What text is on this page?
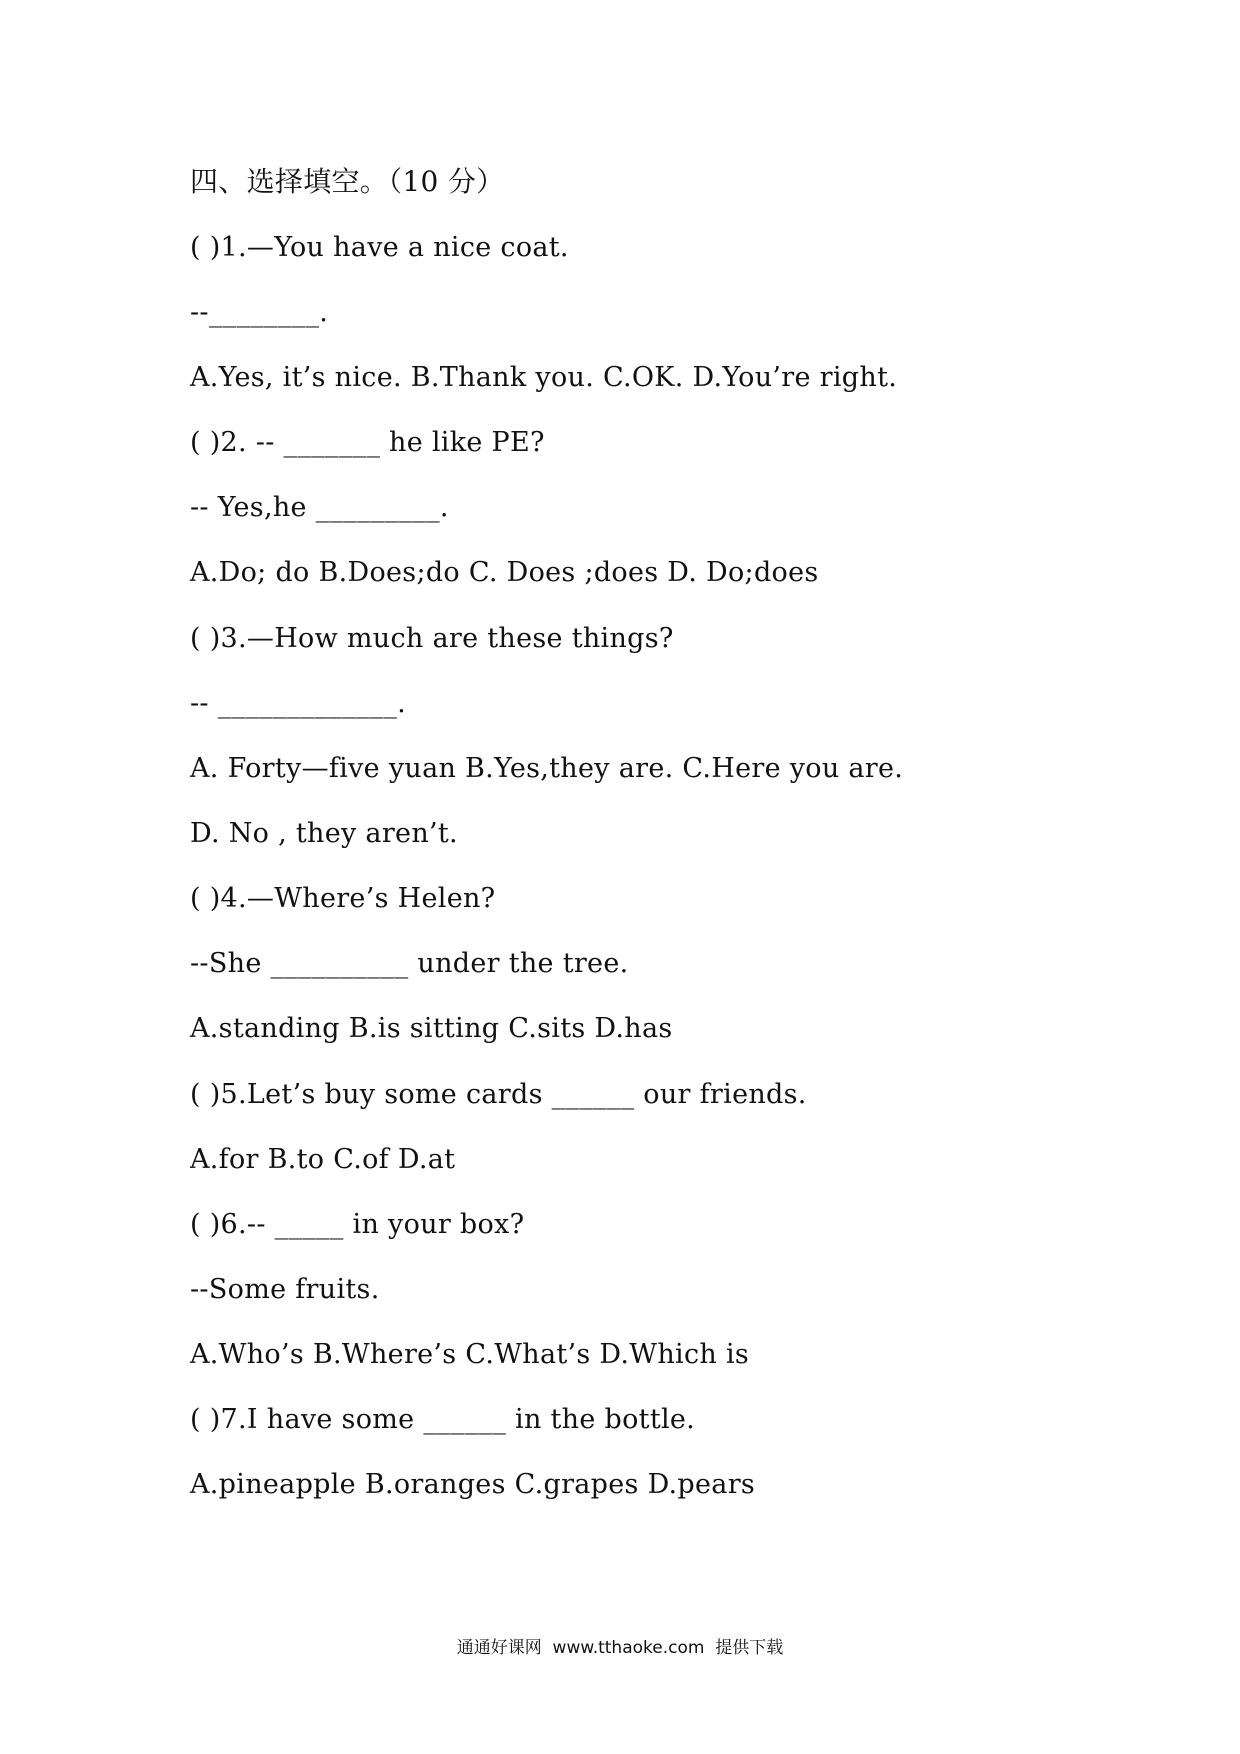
四、选择填空。（10 分）
( )1.—You have a nice coat.
--________.
A.Yes, it’s nice. B.Thank you. C.OK. D.You’re right.
( )2. -- _______ he like PE?
-- Yes,he _________.
A.Do; do B.Does;do C. Does ;does D. Do;does
( )3.—How much are these things?
-- _____________.
A. Forty—five yuan B.Yes,they are. C.Here you are.
D. No , they aren’t.
( )4.—Where’s Helen?
--She __________ under the tree.
A.standing B.is sitting C.sits D.has
( )5.Let’s buy some cards ______ our friends.
A.for B.to C.of D.at
( )6.-- _____ in your box?
--Some fruits.
A.Who’s B.Where’s C.What’s D.Which is
( )7.I have some ______ in the bottle.
A.pineapple B.oranges C.grapes D.pears
通通好课网  www.tthaoke.com  提供下载
